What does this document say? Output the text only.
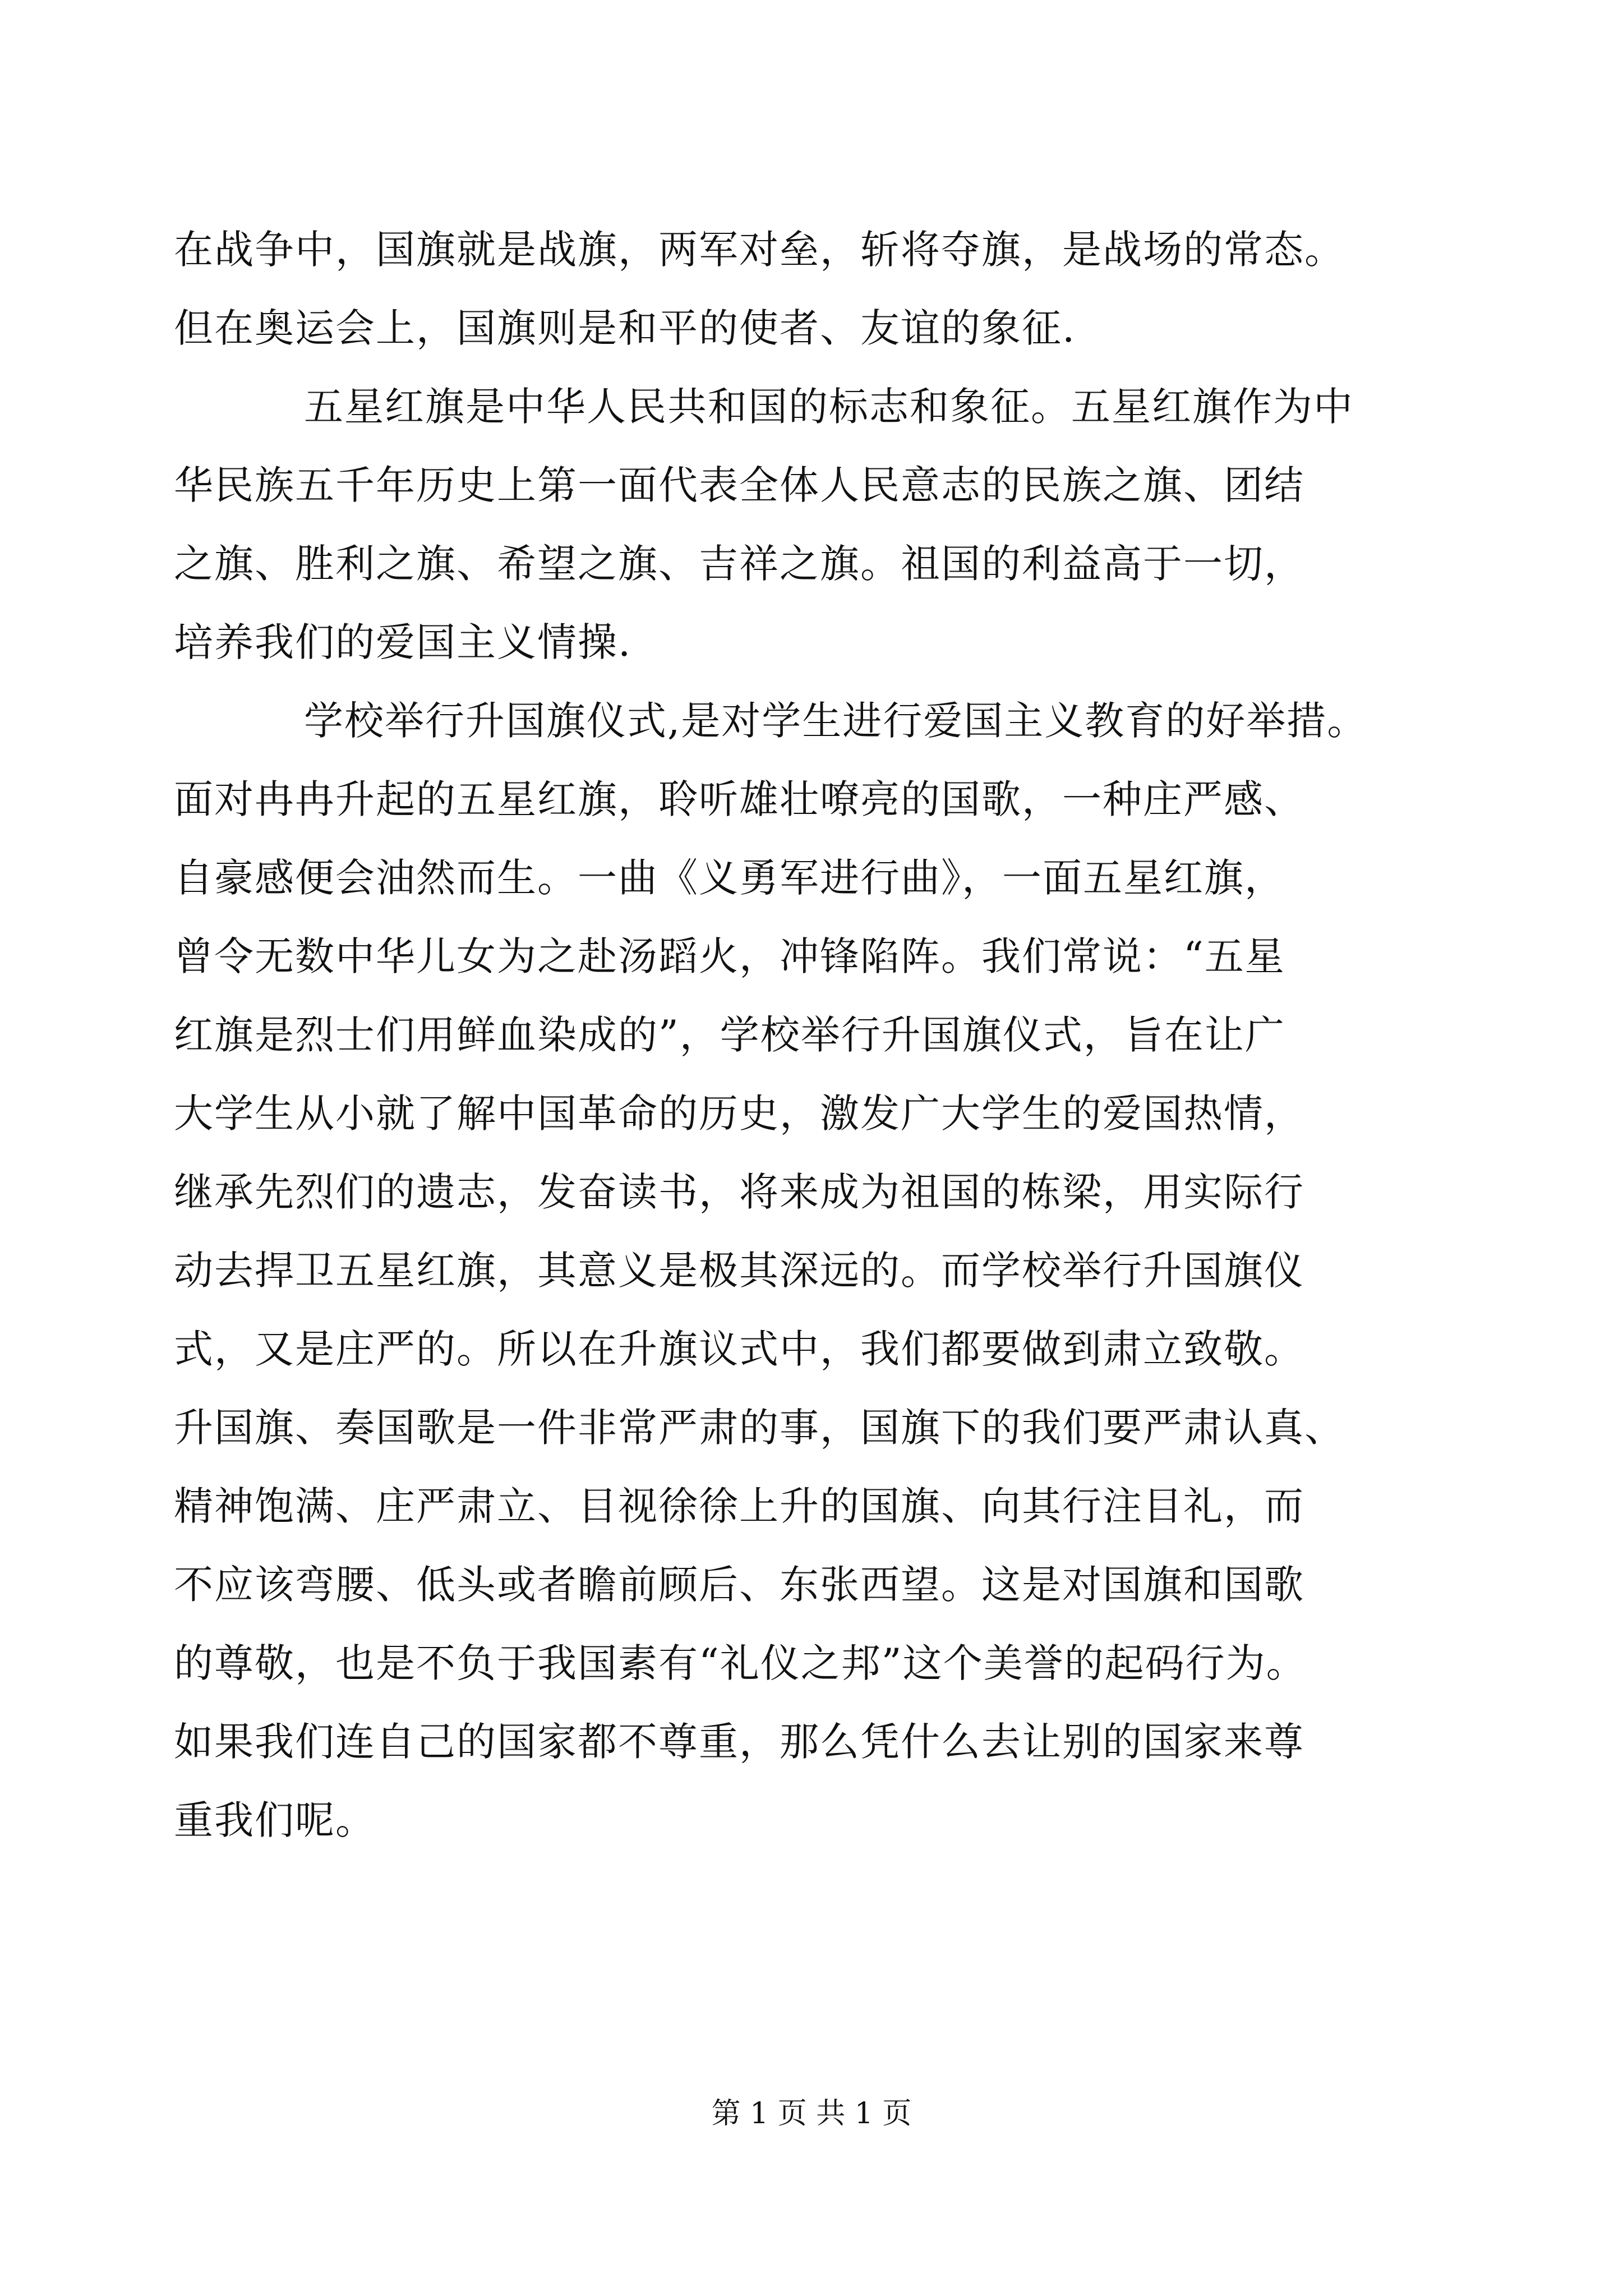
在战争中，国旗就是战旗，两军对垒，斩将夺旗，是战场的常态。
但在奥运会上，国旗则是和平的使者、友谊的象征.
五星红旗是中华人民共和国的标志和象征。五星红旗作为中
华民族五千年历史上第一面代表全体人民意志的民族之旗、团结
之旗、胜利之旗、希望之旗、吉祥之旗。祖国的利益高于一切，
培养我们的爱国主义情操.
学校举行升国旗仪式,是对学生进行爱国主义教育的好举措。
面对冉冉升起的五星红旗，聆听雄壮嘹亮的国歌，一种庄严感、
自豪感便会油然而生。一曲《义勇军进行曲》，一面五星红旗，
曾令无数中华儿女为之赴汤蹈火，冲锋陷阵。我们常说：“五星
红旗是烈士们用鲜血染成的”，学校举行升国旗仪式，旨在让广
大学生从小就了解中国革命的历史，激发广大学生的爱国热情，
继承先烈们的遗志，发奋读书，将来成为祖国的栋梁，用实际行
动去捍卫五星红旗，其意义是极其深远的。而学校举行升国旗仪
式，又是庄严的。所以在升旗议式中，我们都要做到肃立致敬。
升国旗、奏国歌是一件非常严肃的事，国旗下的我们要严肃认真、
精神饱满、庄严肃立、目视徐徐上升的国旗、向其行注目礼，而
不应该弯腰、低头或者瞻前顾后、东张西望。这是对国旗和国歌
的尊敬，也是不负于我国素有“礼仪之邦”这个美誉的起码行为。
如果我们连自己的国家都不尊重，那么凭什么去让别的国家来尊
重我们呢。
第 1 页 共 1 页
